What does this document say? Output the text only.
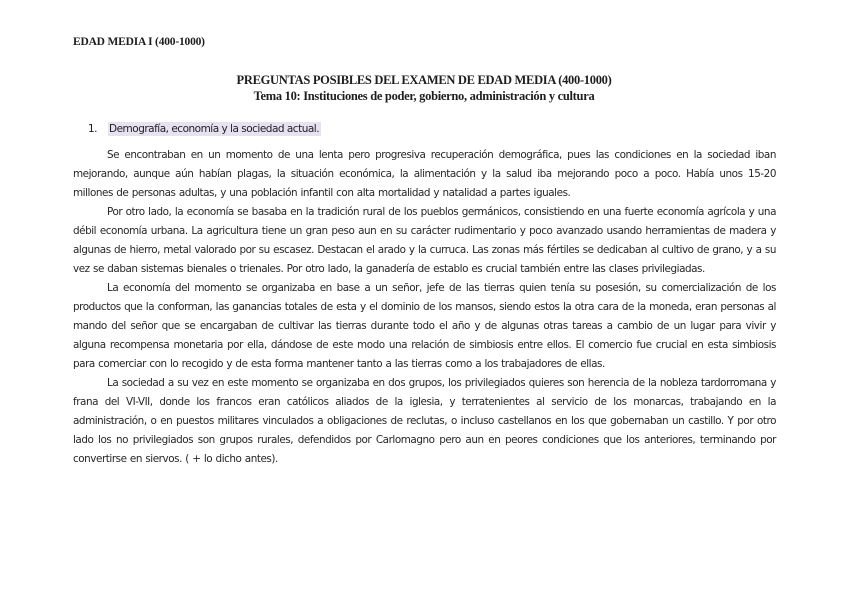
EDAD MEDIA I (400-1000)
PREGUNTAS POSIBLES DEL EXAMEN DE EDAD MEDIA (400-1000)
Tema 10: Instituciones de poder, gobierno, administración y cultura
1. Demografía, economía y la sociedad actual.

Se encontraban en un momento de una lenta pero progresiva recuperación demográfica, pues las condiciones en la sociedad iban mejorando, aunque aún habían plagas, la situación económica, la alimentación y la salud iba mejorando poco a poco. Había unos 15-20 millones de personas adultas, y una población infantil con alta mortalidad y natalidad a partes iguales.

Por otro lado, la economía se basaba en la tradición rural de los pueblos germánicos, consistiendo en una fuerte economía agrícola y una débil economía urbana. La agricultura tiene un gran peso aun en su carácter rudimentario y poco avanzado usando herramientas de madera y algunas de hierro, metal valorado por su escasez. Destacan el arado y la curruca. Las zonas más fértiles se dedicaban al cultivo de grano, y a su vez se daban sistemas bienales o trienales. Por otro lado, la ganadería de establo es crucial también entre las clases privilegiadas.

La economía del momento se organizaba en base a un señor, jefe de las tierras quien tenía su posesión, su comercialización de los productos que la conforman, las ganancias totales de esta y el dominio de los mansos, siendo estos la otra cara de la moneda, eran personas al mando del señor que se encargaban de cultivar las tierras durante todo el año y de algunas otras tareas a cambio de un lugar para vivir y alguna recompensa monetaria por ella, dándose de este modo una relación de simbiosis entre ellos. El comercio fue crucial en esta simbiosis para comerciar con lo recogido y de esta forma mantener tanto a las tierras como a los trabajadores de ellas.

La sociedad a su vez en este momento se organizaba en dos grupos, los privilegiados quieres son herencia de la nobleza tardorromana y frana del VI-VII, donde los francos eran católicos aliados de la iglesia, y terratenientes al servicio de los monarcas, trabajando en la administración, o en puestos militares vinculados a obligaciones de reclutas, o incluso castellanos en los que gobernaban un castillo. Y por otro lado los no privilegiados son grupos rurales, defendidos por Carlomagno pero aun en peores condiciones que los anteriores, terminando por convertirse en siervos. ( + lo dicho antes).
